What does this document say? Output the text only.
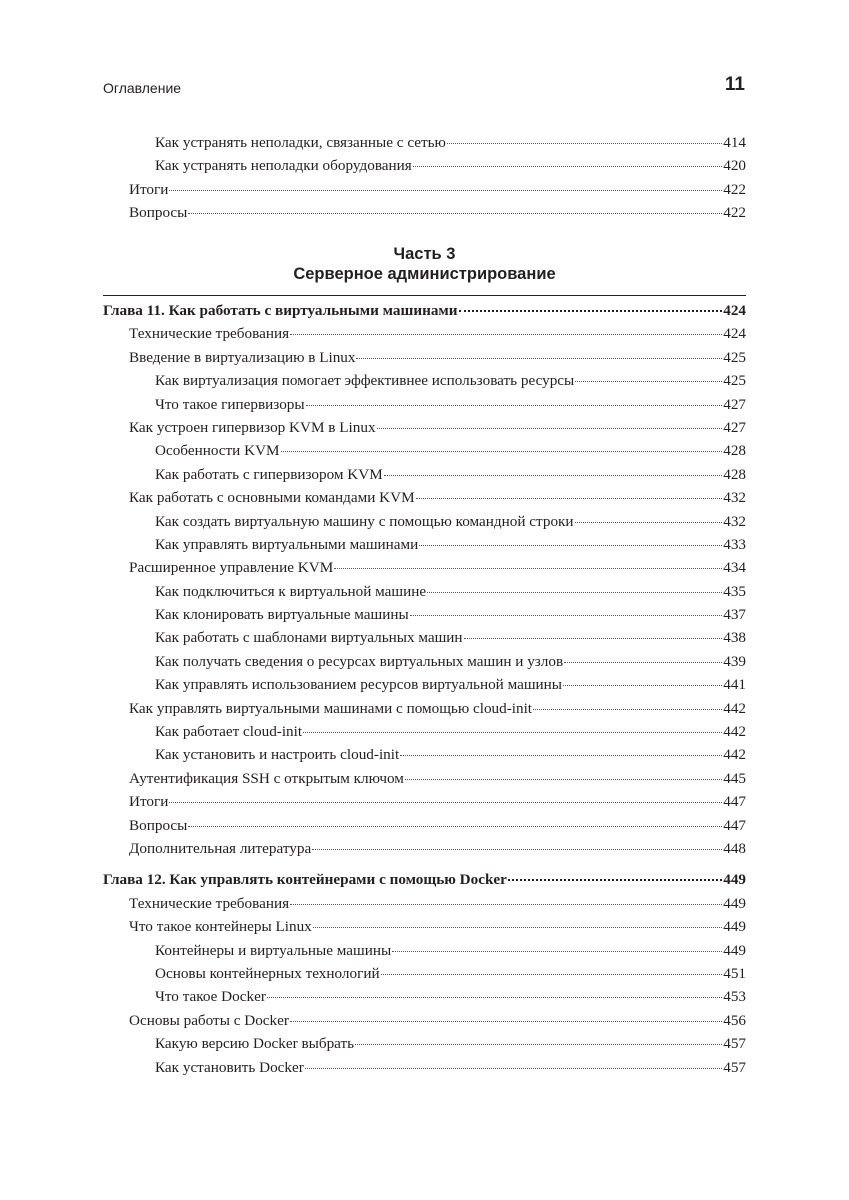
Оглавление	11
Как устранять неполадки, связанные с сетью	414
Как устранять неполадки оборудования	420
Итоги	422
Вопросы	422
Часть 3
Серверное администрирование
Глава 11. Как работать с виртуальными машинами	424
Технические требования	424
Введение в виртуализацию в Linux	425
Как виртуализация помогает эффективнее использовать ресурсы	425
Что такое гипервизоры	427
Как устроен гипервизор KVM в Linux	427
Особенности KVM	428
Как работать с гипервизором KVM	428
Как работать с основными командами KVM	432
Как создать виртуальную машину с помощью командной строки	432
Как управлять виртуальными машинами	433
Расширенное управление KVM	434
Как подключиться к виртуальной машине	435
Как клонировать виртуальные машины	437
Как работать с шаблонами виртуальных машин	438
Как получать сведения о ресурсах виртуальных машин и узлов	439
Как управлять использованием ресурсов виртуальной машины	441
Как управлять виртуальными машинами с помощью cloud-init	442
Как работает cloud-init	442
Как установить и настроить cloud-init	442
Аутентификация SSH с открытым ключом	445
Итоги	447
Вопросы	447
Дополнительная литература	448
Глава 12. Как управлять контейнерами с помощью Docker	449
Технические требования	449
Что такое контейнеры Linux	449
Контейнеры и виртуальные машины	449
Основы контейнерных технологий	451
Что такое Docker	453
Основы работы с Docker	456
Какую версию Docker выбрать	457
Как установить Docker	457
